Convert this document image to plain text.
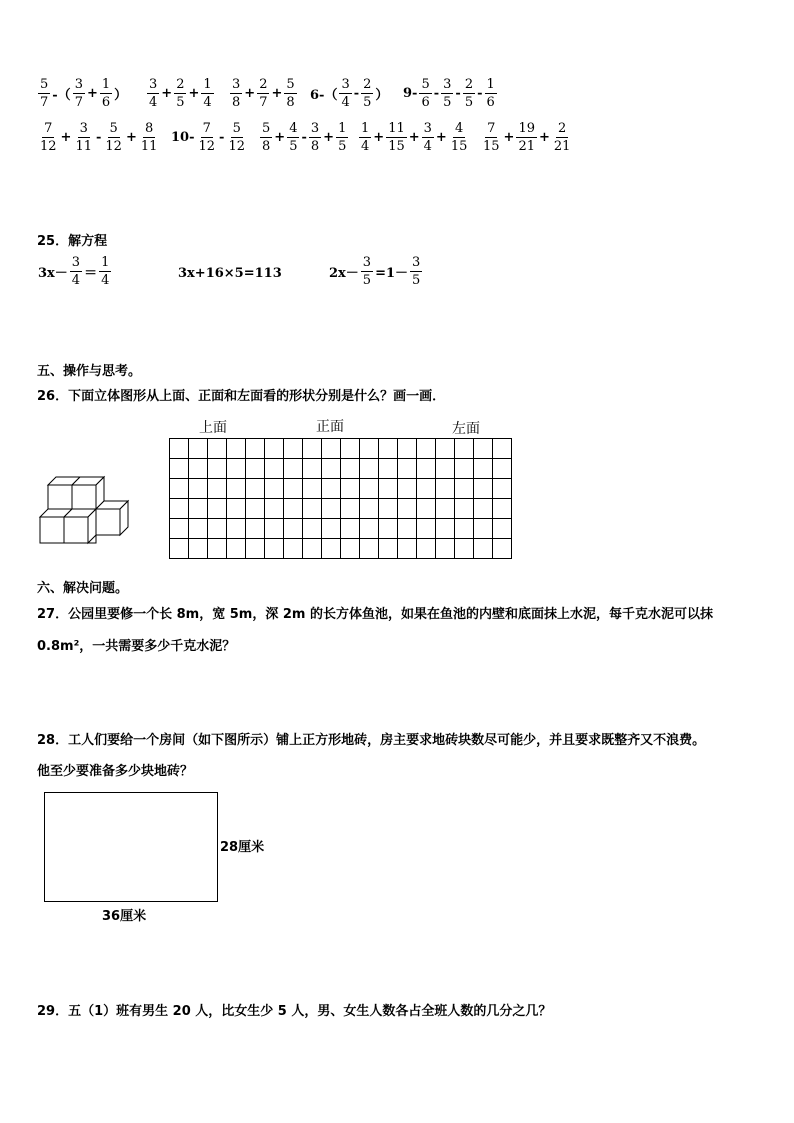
$\frac{5}{7}$ -（ $\frac{3}{7} + \frac{1}{6}$ ） $\frac{3}{4} + \frac{2}{5} + \frac{1}{4} \frac{3}{8} + \frac{2}{7} + \frac{5}{8} 6-( \frac{3}{4} - \frac{2}{5}$ ） $9- \frac{5}{6} - \frac{3}{5} - \frac{2}{5} - \frac{1}{6}$
$\frac{7}{12} + \frac{3}{11} - \frac{5}{12} + \frac{8}{11} 10- \frac{7}{12} - \frac{5}{12} \frac{5}{8} + \frac{4}{5} - \frac{3}{8} + \frac{1}{5} \frac{1}{4} + \frac{11}{15} + \frac{3}{4} + \frac{4}{15} \frac{7}{15} + \frac{19}{21} + \frac{2}{21}$
25．解方程
$3x- \frac{3}{4} = \frac{1}{4}$	3x+16×5=113	$2x- \frac{3}{5} =1- \frac{3}{5}$
五、操作与思考。
26．下面立体图形从上面、正面和左面看的形状分别是什么？画一画．
上面	正面	左面

六、解决问题。
27．公园里要修一个长 8m，宽 5m，深 2m 的长方体鱼池，如果在鱼池的内壁和底面抹上水泥，每千克水泥可以抹
0.8m²，一共需要多少千克水泥？
28．工人们要给一个房间（如下图所示）铺上正方形地砖，房主要求地砖块数尽可能少，并且要求既整齐又不浪费。
他至少要准备多少块地砖？
28厘米
36厘米
29．五（1）班有男生 20 人，比女生少 5 人，男、女生人数各占全班人数的几分之几？
